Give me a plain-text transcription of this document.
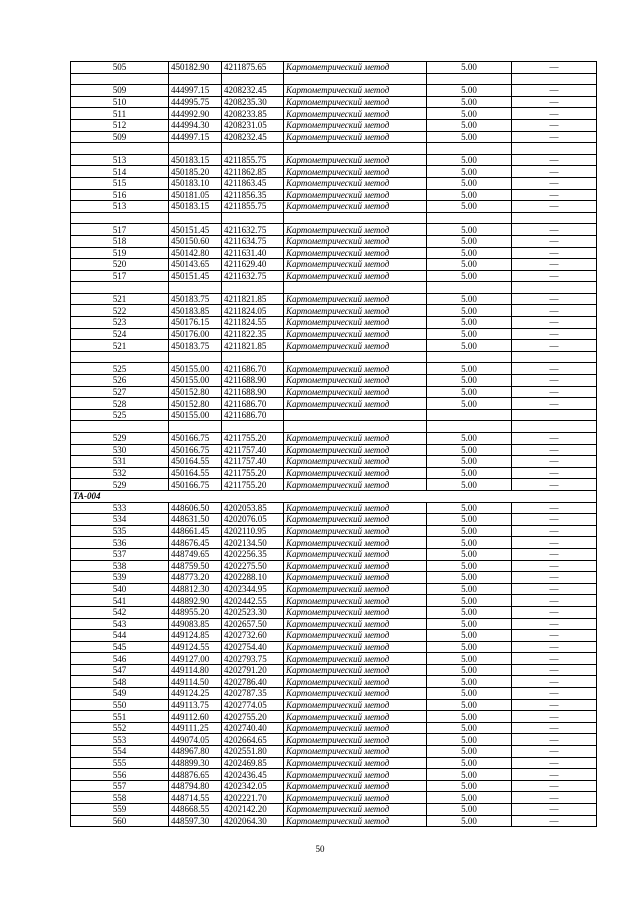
505	450182.90	4211875.65	Картометрический метод	5.00	—

509	444997.15	4208232.45	Картометрический метод	5.00	—
510	444995.75	4208235.30	Картометрический метод	5.00	—
511	444992.90	4208233.85	Картометрический метод	5.00	—
512	444994.30	4208231.05	Картометрический метод	5.00	—
509	444997.15	4208232.45	Картометрический метод	5.00	—

513	450183.15	4211855.75	Картометрический метод	5.00	—
514	450185.20	4211862.85	Картометрический метод	5.00	—
515	450183.10	4211863.45	Картометрический метод	5.00	—
516	450181.05	4211856.35	Картометрический метод	5.00	—
513	450183.15	4211855.75	Картометрический метод	5.00	—

517	450151.45	4211632.75	Картометрический метод	5.00	—
518	450150.60	4211634.75	Картометрический метод	5.00	—
519	450142.80	4211631.40	Картометрический метод	5.00	—
520	450143.65	4211629.40	Картометрический метод	5.00	—
517	450151.45	4211632.75	Картометрический метод	5.00	—

521	450183.75	4211821.85	Картометрический метод	5.00	—
522	450183.85	4211824.05	Картометрический метод	5.00	—
523	450176.15	4211824.55	Картометрический метод	5.00	—
524	450176.00	4211822.35	Картометрический метод	5.00	—
521	450183.75	4211821.85	Картометрический метод	5.00	—

525	450155.00	4211686.70	Картометрический метод	5.00	—
526	450155.00	4211688.90	Картометрический метод	5.00	—
527	450152.80	4211688.90	Картометрический метод	5.00	—
528	450152.80	4211686.70	Картометрический метод	5.00	—
525	450155.00	4211686.70			

529	450166.75	4211755.20	Картометрический метод	5.00	—
530	450166.75	4211757.40	Картометрический метод	5.00	—
531	450164.55	4211757.40	Картометрический метод	5.00	—
532	450164.55	4211755.20	Картометрический метод	5.00	—
529	450166.75	4211755.20	Картометрический метод	5.00	—
TA-004					
533	448606.50	4202053.85	Картометрический метод	5.00	—
534	448631.50	4202076.05	Картометрический метод	5.00	—
535	448661.45	4202110.95	Картометрический метод	5.00	—
536	448676.45	4202134.50	Картометрический метод	5.00	—
537	448749.65	4202256.35	Картометрический метод	5.00	—
538	448759.50	4202275.50	Картометрический метод	5.00	—
539	448773.20	4202288.10	Картометрический метод	5.00	—
540	448812.30	4202344.95	Картометрический метод	5.00	—
541	448892.90	4202442.55	Картометрический метод	5.00	—
542	448955.20	4202523.30	Картометрический метод	5.00	—
543	449083.85	4202657.50	Картометрический метод	5.00	—
544	449124.85	4202732.60	Картометрический метод	5.00	—
545	449124.55	4202754.40	Картометрический метод	5.00	—
546	449127.00	4202793.75	Картометрический метод	5.00	—
547	449114.80	4202791.20	Картометрический метод	5.00	—
548	449114.50	4202786.40	Картометрический метод	5.00	—
549	449124.25	4202787.35	Картометрический метод	5.00	—
550	449113.75	4202774.05	Картометрический метод	5.00	—
551	449112.60	4202755.20	Картометрический метод	5.00	—
552	449111.25	4202740.40	Картометрический метод	5.00	—
553	449074.05	4202664.65	Картометрический метод	5.00	—
554	448967.80	4202551.80	Картометрический метод	5.00	—
555	448899.30	4202469.85	Картометрический метод	5.00	—
556	448876.65	4202436.45	Картометрический метод	5.00	—
557	448794.80	4202342.05	Картометрический метод	5.00	—
558	448714.55	4202221.70	Картометрический метод	5.00	—
559	448668.55	4202142.20	Картометрический метод	5.00	—
560	448597.30	4202064.30	Картометрический метод	5.00	—
50
